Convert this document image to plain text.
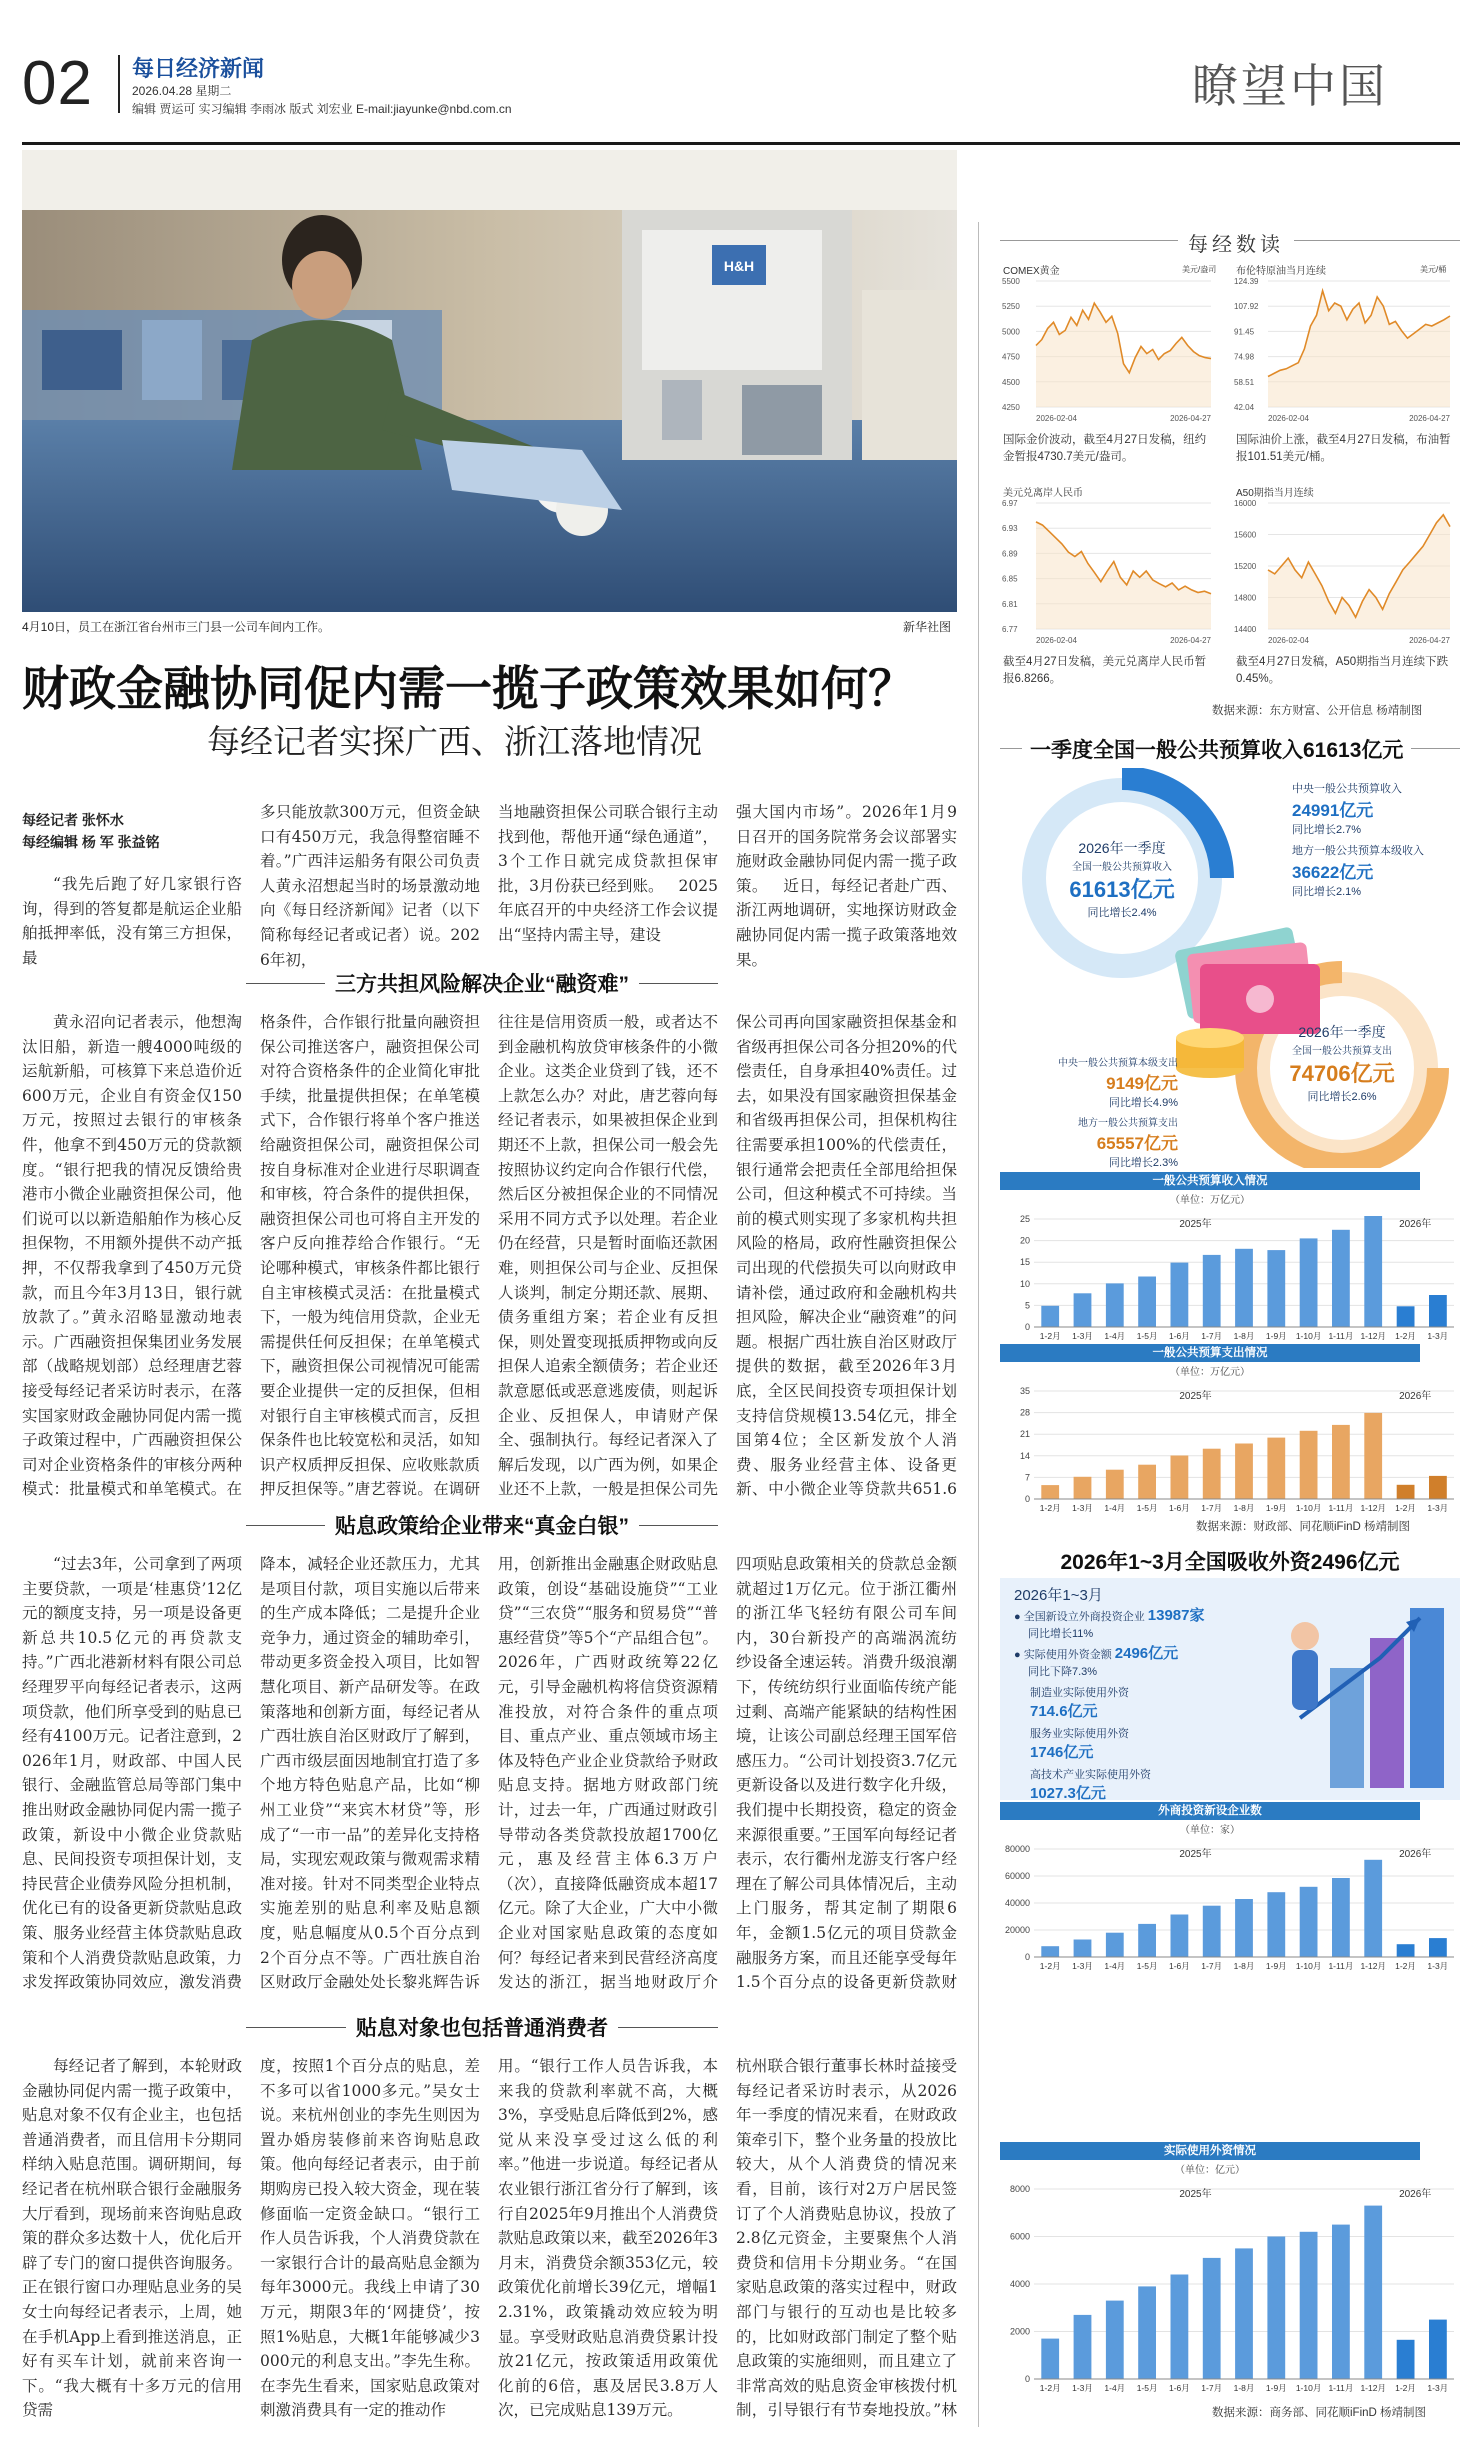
02 每日经济新闻
2026.04.28 星期二
编辑 贾运可 实习编辑 李雨冰 版式 刘宏业 E-mail:jiayunke@nbd.com.cn	瞭望中国
H&H
4月10日，员工在浙江省台州市三门县一公司车间内工作。	新华社图
财政金融协同促内需一揽子政策效果如何？
每经记者实探广西、浙江落地情况
每经记者 张怀水
每经编辑 杨 军 张益铭

“我先后跑了好几家银行咨询，得到的答复都是航运企业船舶抵押率低，没有第三方担保，最

多只能放款300万元，但资金缺口有450万元，我急得整宿睡不着。”广西沣运船务有限公司负责人黄永沼想起当时的场景激动地向《每日经济新闻》记者（以下简称每经记者或记者）说。2026年初，

当地融资担保公司联合银行主动找到他，帮他开通“绿色通道”，3个工作日就完成贷款担保审批，3月份获已经到账。   2025年底召开的中央经济工作会议提出“坚持内需主导，建设

强大国内市场”。2026年1月9日召开的国务院常务会议部署实施财政金融协同促内需一揽子政策。   近日，每经记者赴广西、浙江两地调研，实地探访财政金融协同促内需一揽子政策落地效果。

三方共担风险解决企业“融资难”

黄永沼向记者表示，他想淘汰旧船，新造一艘4000吨级的运航新船，可核算下来总造价近600万元，企业自有资金仅150万元，按照过去银行的审核条件，他拿不到450万元的贷款额度。“银行把我的情况反馈给贵港市小微企业融资担保公司，他们说可以以新造船舶作为核心反担保物，不用额外提供不动产抵押，不仅帮我拿到了450万元贷款，而且今年3月13日，银行就放款了。”黄永沼略显激动地表示。广西融资担保集团业务发展部（战略规划部）总经理唐艺蓉接受每经记者采访时表示，在落实国家财政金融协同促内需一揽子政策过程中，广西融资担保公司对企业资格条件的审核分两种模式：批量模式和单笔模式。在

格条件，合作银行批量向融资担保公司推送客户，融资担保公司对符合资格条件的企业简化审批手续，批量提供担保；在单笔模式下，合作银行将单个客户推送给融资担保公司，融资担保公司按自身标准对企业进行尽职调查和审核，符合条件的提供担保，融资担保公司也可将自主开发的客户反向推荐给合作银行。“无论哪种模式，审核条件都比银行自主审核模式灵活：在批量模式下，一般为纯信用贷款，企业无需提供任何反担保；在单笔模式下，融资担保公司视情况可能需要企业提供一定的反担保，但相对银行自主审核模式而言，反担保条件也比较宽松和灵活，如知识产权质押反担保、应收账款质押反担保等。”唐艺蓉说。在调研

往往是信用资质一般，或者达不到金融机构放贷审核条件的小微企业。这类企业贷到了钱，还不上款怎么办？对此，唐艺蓉向每经记者表示，如果被担保企业到期还不上款，担保公司一般会先按照协议约定向合作银行代偿，然后区分被担保企业的不同情况采用不同方式予以处理。若企业仍在经营，只是暂时面临还款困难，则担保公司与企业、反担保人谈判，制定分期还款、展期、债务重组方案；若企业有反担保，则处置变现抵质押物或向反担保人追索全额债务；若企业还款意愿低或恶意逃废债，则起诉企业、反担保人，申请财产保全、强制执行。每经记者深入了解后发现，以广西为例，如果企业还不上款，一般是担保公司先

保公司再向国家融资担保基金和省级再担保公司各分担20%的代偿责任，自身承担40%责任。过去，如果没有国家融资担保基金和省级再担保公司，担保机构往往需要承担100%的代偿责任，银行通常会把责任全部甩给担保公司，但这种模式不可持续。当前的模式则实现了多家机构共担风险的格局，政府性融资担保公司出现的代偿损失可以向财政申请补偿，通过政府和金融机构共担风险，解决企业“融资难”的问题。根据广西壮族自治区财政厅提供的数据，截至2026年3月底，全区民间投资专项担保计划支持信贷规模13.54亿元，排全国第4位；全区新发放个人消费、服务业经营主体、设备更新、中小微企业等贷款共651.6

贴息政策给企业带来“真金白银”

“过去3年，公司拿到了两项主要贷款，一项是‘桂惠贷’12亿元的额度支持，另一项是设备更新总共10.5亿元的再贷款支持。”广西北港新材料有限公司总经理罗平向每经记者表示，这两项贷款，他们所享受到的贴息已经有4100万元。记者注意到，2026年1月，财政部、中国人民银行、金融监管总局等部门集中推出财政金融协同促内需一揽子政策，新设中小微企业贷款贴息、民间投资专项担保计划，支持民营企业债券风险分担机制，优化已有的设备更新贷款贴息政策、服务业经营主体贷款贴息政策和个人消费贷款贴息政策，力求发挥政策协同效应，激发消费

降本，减轻企业还款压力，尤其是项目付款，项目实施以后带来的生产成本降低；二是提升企业竞争力，通过资金的辅助牵引，带动更多资金投入项目，比如智慧化项目、新产品研发等。在政策落地和创新方面，每经记者从广西壮族自治区财政厅了解到，广西市级层面因地制宜打造了多个地方特色贴息产品，比如“柳州工业贷”“来宾木材贷”等，形成了“一市一品”的差异化支持格局，实现宏观政策与微观需求精准对接。针对不同类型企业特点实施差别的贴息利率及贴息额度，贴息幅度从0.5个百分点到2个百分点不等。广西壮族自治区财政厅金融处处长黎兆辉告诉

用，创新推出金融惠企财政贴息政策，创设“基础设施贷”“工业贷”“三农贷”“服务和贸易贷”“普惠经营贷”等5个“产品组合包”。2026年，广西财政统筹22亿元，引导金融机构将信贷资源精准投放，对符合条件的重点项目、重点产业、重点领域市场主体及特色产业企业贷款给予财政贴息支持。据地方财政部门统计，过去一年，广西通过财政引导带动各类贷款投放超1700亿元，惠及经营主体6.3万户（次），直接降低融资成本超17亿元。除了大企业，广大中小微企业对国家贴息政策的态度如何？每经记者来到民营经济高度发达的浙江，据当地财政厅介

四项贴息政策相关的贷款总金额就超过1万亿元。位于浙江衢州的浙江华飞轻纺有限公司车间内，30台新投产的高端涡流纺纱设备全速运转。消费升级浪潮下，传统纺织行业面临传统产能过剩、高端产能紧缺的结构性困境，让该公司副总经理王国军倍感压力。“公司计划投资3.7亿元更新设备以及进行数字化升级，我们提中长期投资，稳定的资金来源很重要。”王国军向每经记者表示，农行衢州龙游支行客户经理在了解公司具体情况后，主动上门服务，帮其定制了期限6年，金额1.5亿元的项目贷款金融服务方案，而且还能享受每年1.5个百分点的设备更新贷款财

贴息对象也包括普通消费者

每经记者了解到，本轮财政金融协同促内需一揽子政策中，贴息对象不仅有企业主，也包括普通消费者，而且信用卡分期同样纳入贴息范围。调研期间，每经记者在杭州联合银行金融服务大厅看到，现场前来咨询贴息政策的群众多达数十人，优化后开辟了专门的窗口提供咨询服务。正在银行窗口办理贴息业务的吴女士向每经记者表示，上周，她在手机App上看到推送消息，正好有买车计划，就前来咨询一下。“我大概有十多万元的信用贷需

度，按照1个百分点的贴息，差不多可以省1000多元。”吴女士说。来杭州创业的李先生则因为置办婚房装修前来咨询贴息政策。他向每经记者表示，由于前期购房已投入较大资金，现在装修面临一定资金缺口。“银行工作人员告诉我，个人消费贷款在一家银行合计的最高贴息金额为每年3000元。我线上申请了30万元，期限3年的‘网捷贷’，按照1%贴息，大概1年能够减少3000元的利息支出。”李先生称。在李先生看来，国家贴息政策对刺激消费具有一定的推动作

用。“银行工作人员告诉我，本来我的贷款利率就不高，大概3%，享受贴息后降低到2%，感觉从来没享受过这么低的利率。”他进一步说道。每经记者从农业银行浙江省分行了解到，该行自2025年9月推出个人消费贷款贴息政策以来，截至2026年3月末，消费贷余额353亿元，较政策优化前增长39亿元，增幅12.31%，政策撬动效应较为明显。享受财政贴息消费贷累计投放21亿元，按政策适用政策优化前的6倍，惠及居民3.8万人次，已完成贴息139万元。

杭州联合银行董事长林时益接受每经记者采访时表示，从2026年一季度的情况来看，在财政政策牵引下，整个业务量的投放比较大，从个人消费贷的情况来看，目前，该行对2万户居民签订了个人消费贴息协议，投放了2.8亿元资金，主要聚焦个人消费贷和信用卡分期业务。“在国家贴息政策的落实过程中，财政部门与银行的互动也是比较多的，比如财政部门制定了整个贴息政策的实施细则，而且建立了非常高效的贴息资金审核拨付机制，引导银行有节奏地投放。”林

每经数读
COMEX黄金	美元/盎司
5500
5250
5000
4750
4500
4250
2026-02-04	2026-04-27
国际金价波动，截至4月27日发稿，纽约金暂报4730.7美元/盎司。
布伦特原油当月连续	美元/桶
124.39
107.92
91.45
74.98
58.51
42.04
2026-02-04	2026-04-27
国际油价上涨，截至4月27日发稿，布油暂报101.51美元/桶。
美元兑离岸人民币
6.97
6.93
6.89
6.85
6.81
6.77
2026-02-04	2026-04-27
截至4月27日发稿，美元兑离岸人民币暂报6.8266。
A50期指当月连续
16000
15600
15200
14800
14400
2026-02-04	2026-04-27
截至4月27日发稿，A50期指当月连续下跌0.45%。
数据来源：东方财富、公开信息 杨靖制图
一季度全国一般公共预算收入61613亿元
2026年一季度
全国一般公共预算收入
61613亿元
同比增长2.4%
中央一般公共预算收入
24991亿元
同比增长2.7%
地方一般公共预算本级收入
36622亿元
同比增长2.1%
2026年一季度
全国一般公共预算支出
74706亿元
同比增长2.6%
中央一般公共预算本级支出
9149亿元
同比增长4.9%
地方一般公共预算支出
65557亿元
同比增长2.3%
一般公共预算收入情况
（单位：万亿元）
0
5
10
15
20
25
1-2月 1-3月 1-4月 1-5月 1-6月 1-7月 1-8月 1-9月 1-10月 1-11月 1-12月 1-2月 1-3月
2025年	2026年
一般公共预算支出情况
（单位：万亿元）
0
7
14
21
28
35
1-2月 1-3月 1-4月 1-5月 1-6月 1-7月 1-8月 1-9月 1-10月 1-11月 1-12月 1-2月 1-3月
2025年	2026年
数据来源：财政部、同花顺iFinD 杨靖制图
2026年1~3月全国吸收外资2496亿元
2026年1~3月
● 全国新设立外商投资企业 13987家
同比增长11%
● 实际使用外资金额 2496亿元
同比下降7.3%
制造业实际使用外资
714.6亿元
服务业实际使用外资
1746亿元
高技术产业实际使用外资
1027.3亿元
外商投资新设企业数
（单位：家）
0
20000
40000
60000
80000
1-2月 1-3月 1-4月 1-5月 1-6月 1-7月 1-8月 1-9月 1-10月 1-11月 1-12月 1-2月 1-3月
2025年	2026年
实际使用外资情况
（单位：亿元）
0
2000
4000
6000
8000
1-2月 1-3月 1-4月 1-5月 1-6月 1-7月 1-8月 1-9月 1-10月 1-11月 1-12月 1-2月 1-3月
2025年	2026年
数据来源：商务部、同花顺iFinD 杨靖制图
